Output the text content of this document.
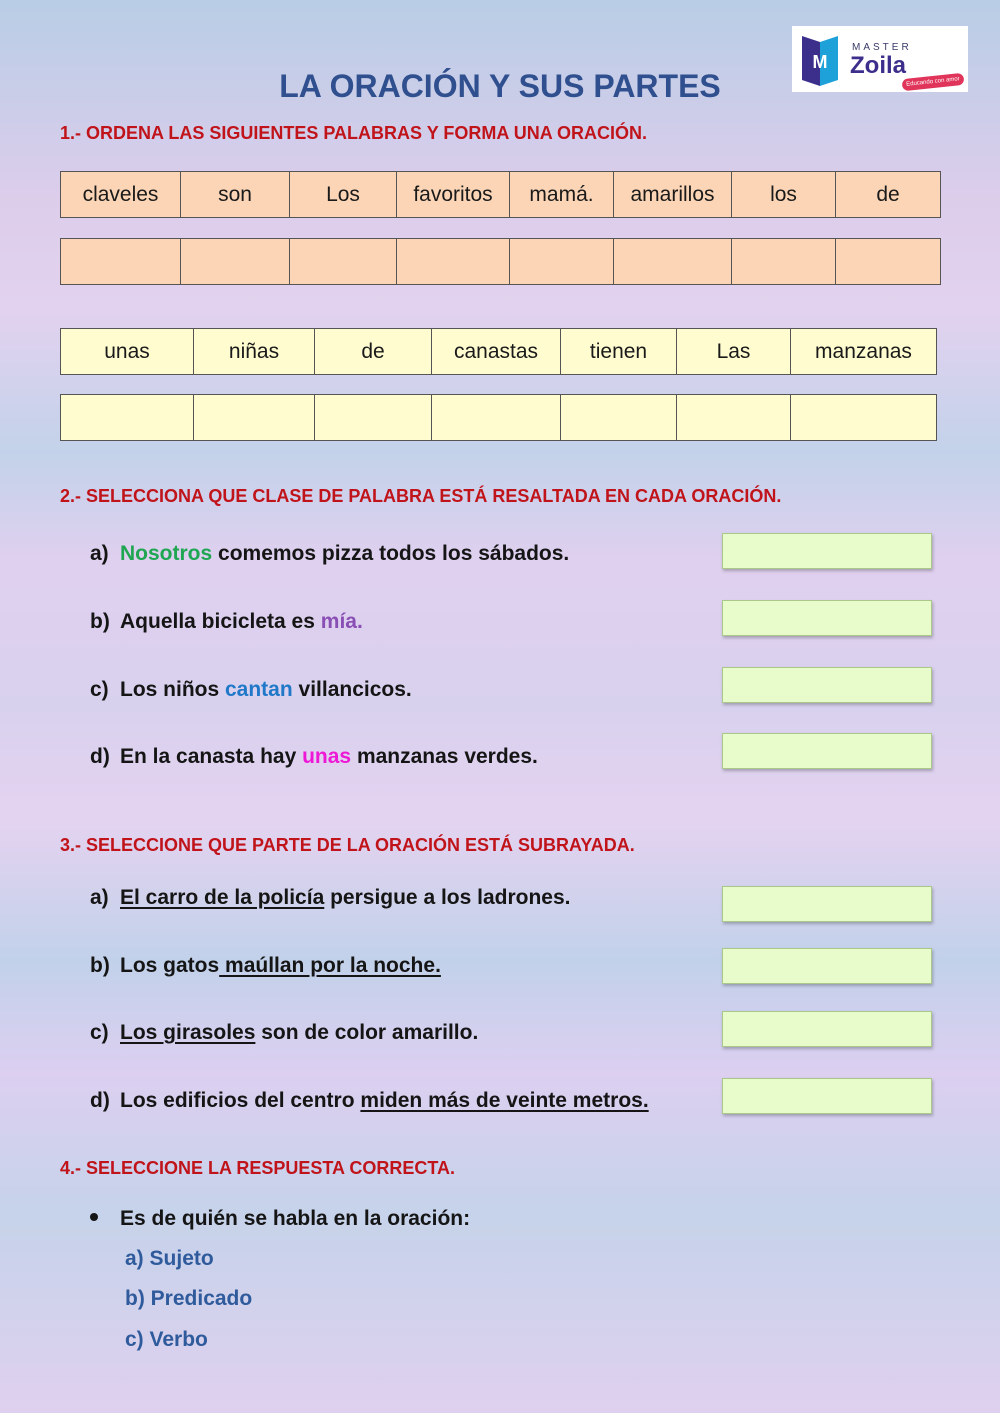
M
MASTER
Zoila
Educando con amor
LA ORACIÓN Y SUS PARTES
1.- ORDENA LAS SIGUIENTES PALABRAS Y FORMA UNA ORACIÓN.
claveles	son	Los	favoritos	mamá.	amarillos	los	de

unas	niñas	de	canastas	tienen	Las	manzanas

2.- SELECCIONA QUE CLASE DE PALABRA ESTÁ RESALTADA EN CADA ORACIÓN.
a) Nosotros comemos pizza todos los sábados.
b) Aquella bicicleta es mía.
c) Los niños cantan villancicos.
d) En la canasta hay unas manzanas verdes.
3.- SELECCIONE QUE PARTE DE LA ORACIÓN ESTÁ SUBRAYADA.
a) El carro de la policía persigue a los ladrones.
b) Los gatos maúllan por la noche.
c) Los girasoles son de color amarillo.
d) Los edificios del centro miden más de veinte metros.
4.- SELECCIONE LA RESPUESTA CORRECTA.
Es de quién se habla en la oración:
a) Sujeto
b) Predicado
c) Verbo
